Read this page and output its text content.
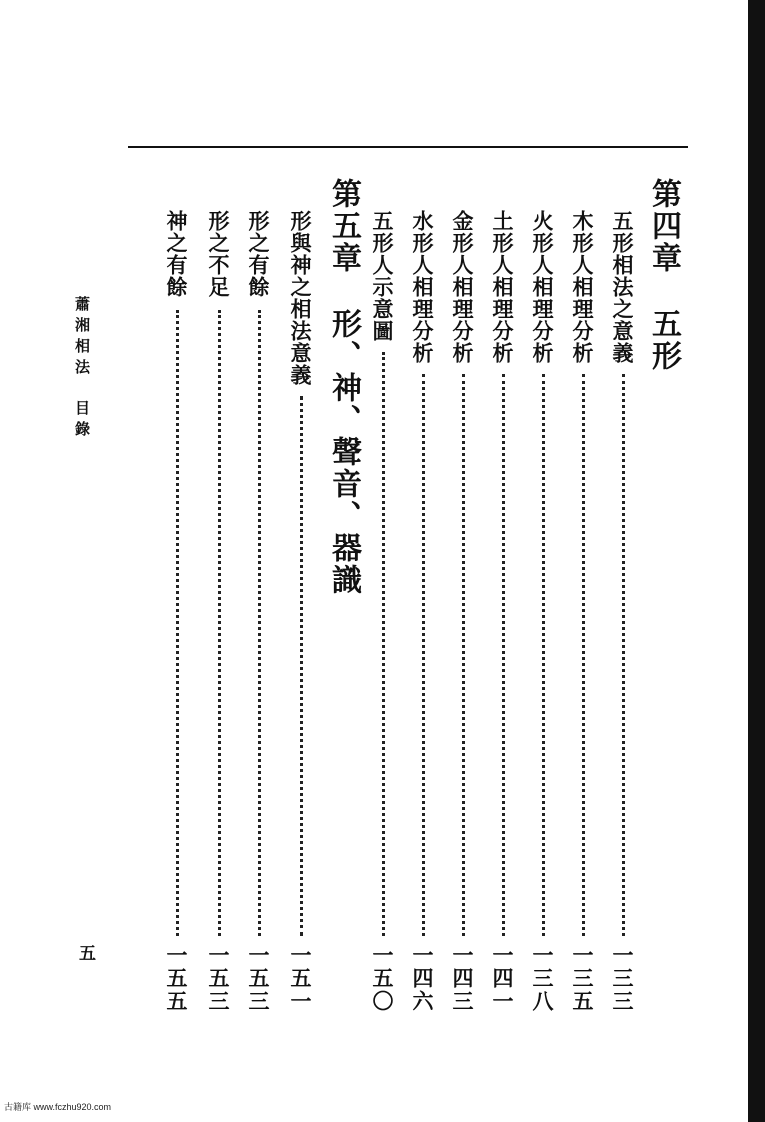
第四章五形
五形相法之意義
一三三
木形人相理分析
一三五
火形人相理分析
一三八
土形人相理分析
一四一
金形人相理分析
一四三
水形人相理分析
一四六
五形人示意圖
一五〇
第五章形、神、聲音、器識
形與神之相法意義
一五一
形之有餘
一五三
形之不足
一五三
神之有餘
一五五
蕭湘相法目錄
五
古籍库 www.fczhu920.com
